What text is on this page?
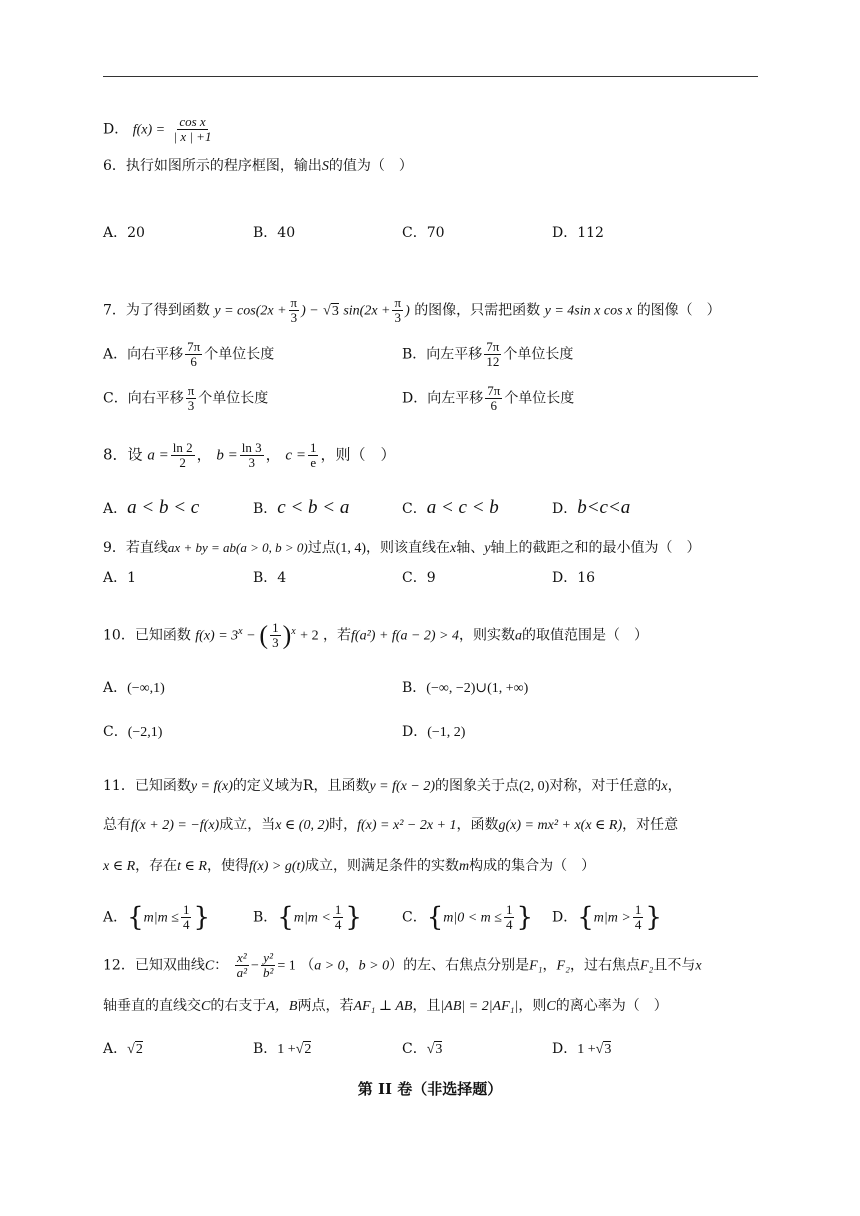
D． $f(x) = \frac{\text{cos x}}{| x | +1}$
6．执行如图所示的程序框图，输出S的值为（　）
A．20	B．40	C．70	D．112
7．为了得到函数 $y = \cos(2x + \frac{\pi}{3}$ ) − √3 $\sin(2x + \frac{\pi}{3}$ ) 的图像，只需把函数 y = 4sin x cos x 的图像（　）
A．向右平移 $\frac{7\pi}{6}$ 个单位长度	B．向左平移 $\frac{7\pi}{12}$ 个单位长度
C．向右平移 $\frac{\pi}{3}$ 个单位长度	D．向左平移 $\frac{7\pi}{6}$ 个单位长度
8．设 $a = \frac{\ln 2}{2}$ ， $b = \frac{\ln 3}{3}$ ， $c = \frac{1}{e}$ ，则（　）
A．a < b < c	B．c < b < a	C．a < c < b	D．b<c<a
9．若直线ax + by = ab(a > 0, b > 0)过点(1, 4)，则该直线在x轴、y轴上的截距之和的最小值为（　）
A．1	B．4	C．9	D．16
10．已知函数 $f(x) = 3^x$ − ( $\frac{1}{3} )^x + 2$ ，若f(a²) + f(a − 2) > 4，则实数a的取值范围是（　）
A．(−∞,1)	B．(−∞, −2)∪(1, +∞)
C．(−2,1)	D．(−1, 2)
11．已知函数y = f(x)的定义域为R，且函数y = f(x − 2)的图象关于点(2, 0)对称，对于任意的x，
总有f(x + 2) = −f(x)成立，当x ∈ (0, 2)时，f(x) = x² − 2x + 1，函数g(x) = mx² + x(x ∈ R)，对任意
x ∈ R，存在t ∈ R，使得f(x) > g(t)成立，则满足条件的实数m构成的集合为（　）
A．{$m|m \le \frac{1}{4}$ }	B．{$m|m < \frac{1}{4}$ }	C．{$m|0 < m \le \frac{1}{4}$ } D．{$m|m > \frac{1}{4}$ }
12．已知双曲线C： $\frac{\text{x²}}{\text{a²}} - \frac{\text{y²}}{\text{b²}} = 1$ （a > 0，b > 0）的左、右焦点分别是F₁，F₂，过右焦点F₂且不与x
轴垂直的直线交C的右支于A，B两点，若AF₁ ⊥ AB，且|AB| = 2|AF₁|，则C的离心率为（　）
A．√2	B．1 +√2	C．√3	D．1 +√3
第 II 卷（非选择题）
